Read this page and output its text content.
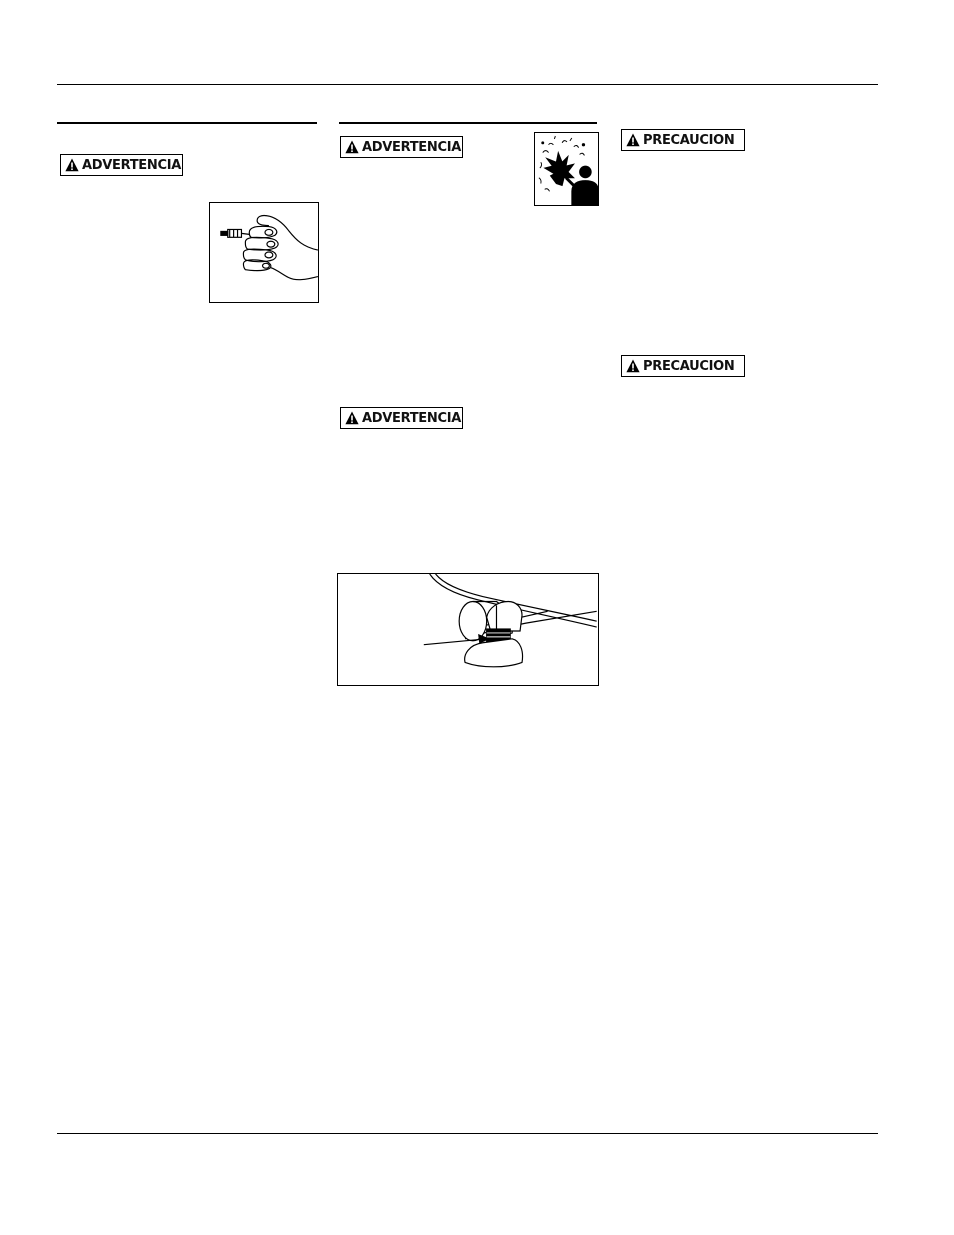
ADVERTENCIA
ADVERTENCIA
ADVERTENCIA
PRECAUCION
PRECAUCION
